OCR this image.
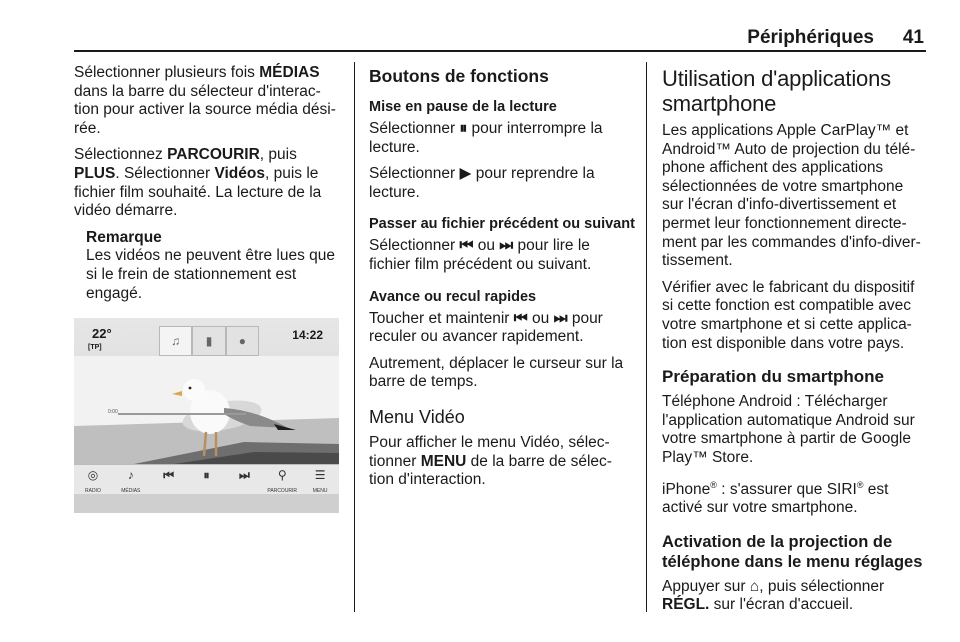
Périphériques 41

Sélectionner plusieurs fois MÉDIAS dans la barre du sélecteur d'interac-tion pour activer la source média dési-rée.

Sélectionnez PARCOURIR, puis PLUS. Sélectionner Vidéos, puis le fichier film souhaité. La lecture de la vidéo démarre.

Remarque
Les vidéos ne peuvent être lues que si le frein de stationnement est engagé.
22°
[TP]	♫	▮	●	14:22
0:00
◎
RADIO
♪
MÉDIAS
⏮	⏸	⏭	⚲
PARCOURIR
☰
MENU
Boutons de fonctions
Mise en pause de la lecture

Sélectionner ⏸ pour interrompre la lecture.

Sélectionner ▶ pour reprendre la lecture.

Passer au fichier précédent ou suivant

Sélectionner ⏮ ou ⏭ pour lire le fichier film précédent ou suivant.

Avance ou recul rapides

Toucher et maintenir ⏮ ou ⏭ pour reculer ou avancer rapidement.

Autrement, déplacer le curseur sur la barre de temps.

Menu Vidéo

Pour afficher le menu Vidéo, sélec-tionner MENU de la barre de sélec-tion d'interaction.

Utilisation d'applications smartphone

Les applications Apple CarPlay™ et Android™ Auto de projection du télé-phone affichent des applications sélectionnées de votre smartphone sur l'écran d'info-divertissement et permet leur fonctionnement directe-ment par les commandes d'info-diver-tissement.

Vérifier avec le fabricant du dispositif si cette fonction est compatible avec votre smartphone et si cette applica-tion est disponible dans votre pays.

Préparation du smartphone

Téléphone Android : Télécharger l'application automatique Android sur votre smartphone à partir de Google Play™ Store.

iPhone® : s'assurer que SIRI® est activé sur votre smartphone.

Activation de la projection de téléphone dans le menu réglages

Appuyer sur ⌂, puis sélectionner RÉGL. sur l'écran d'accueil.
